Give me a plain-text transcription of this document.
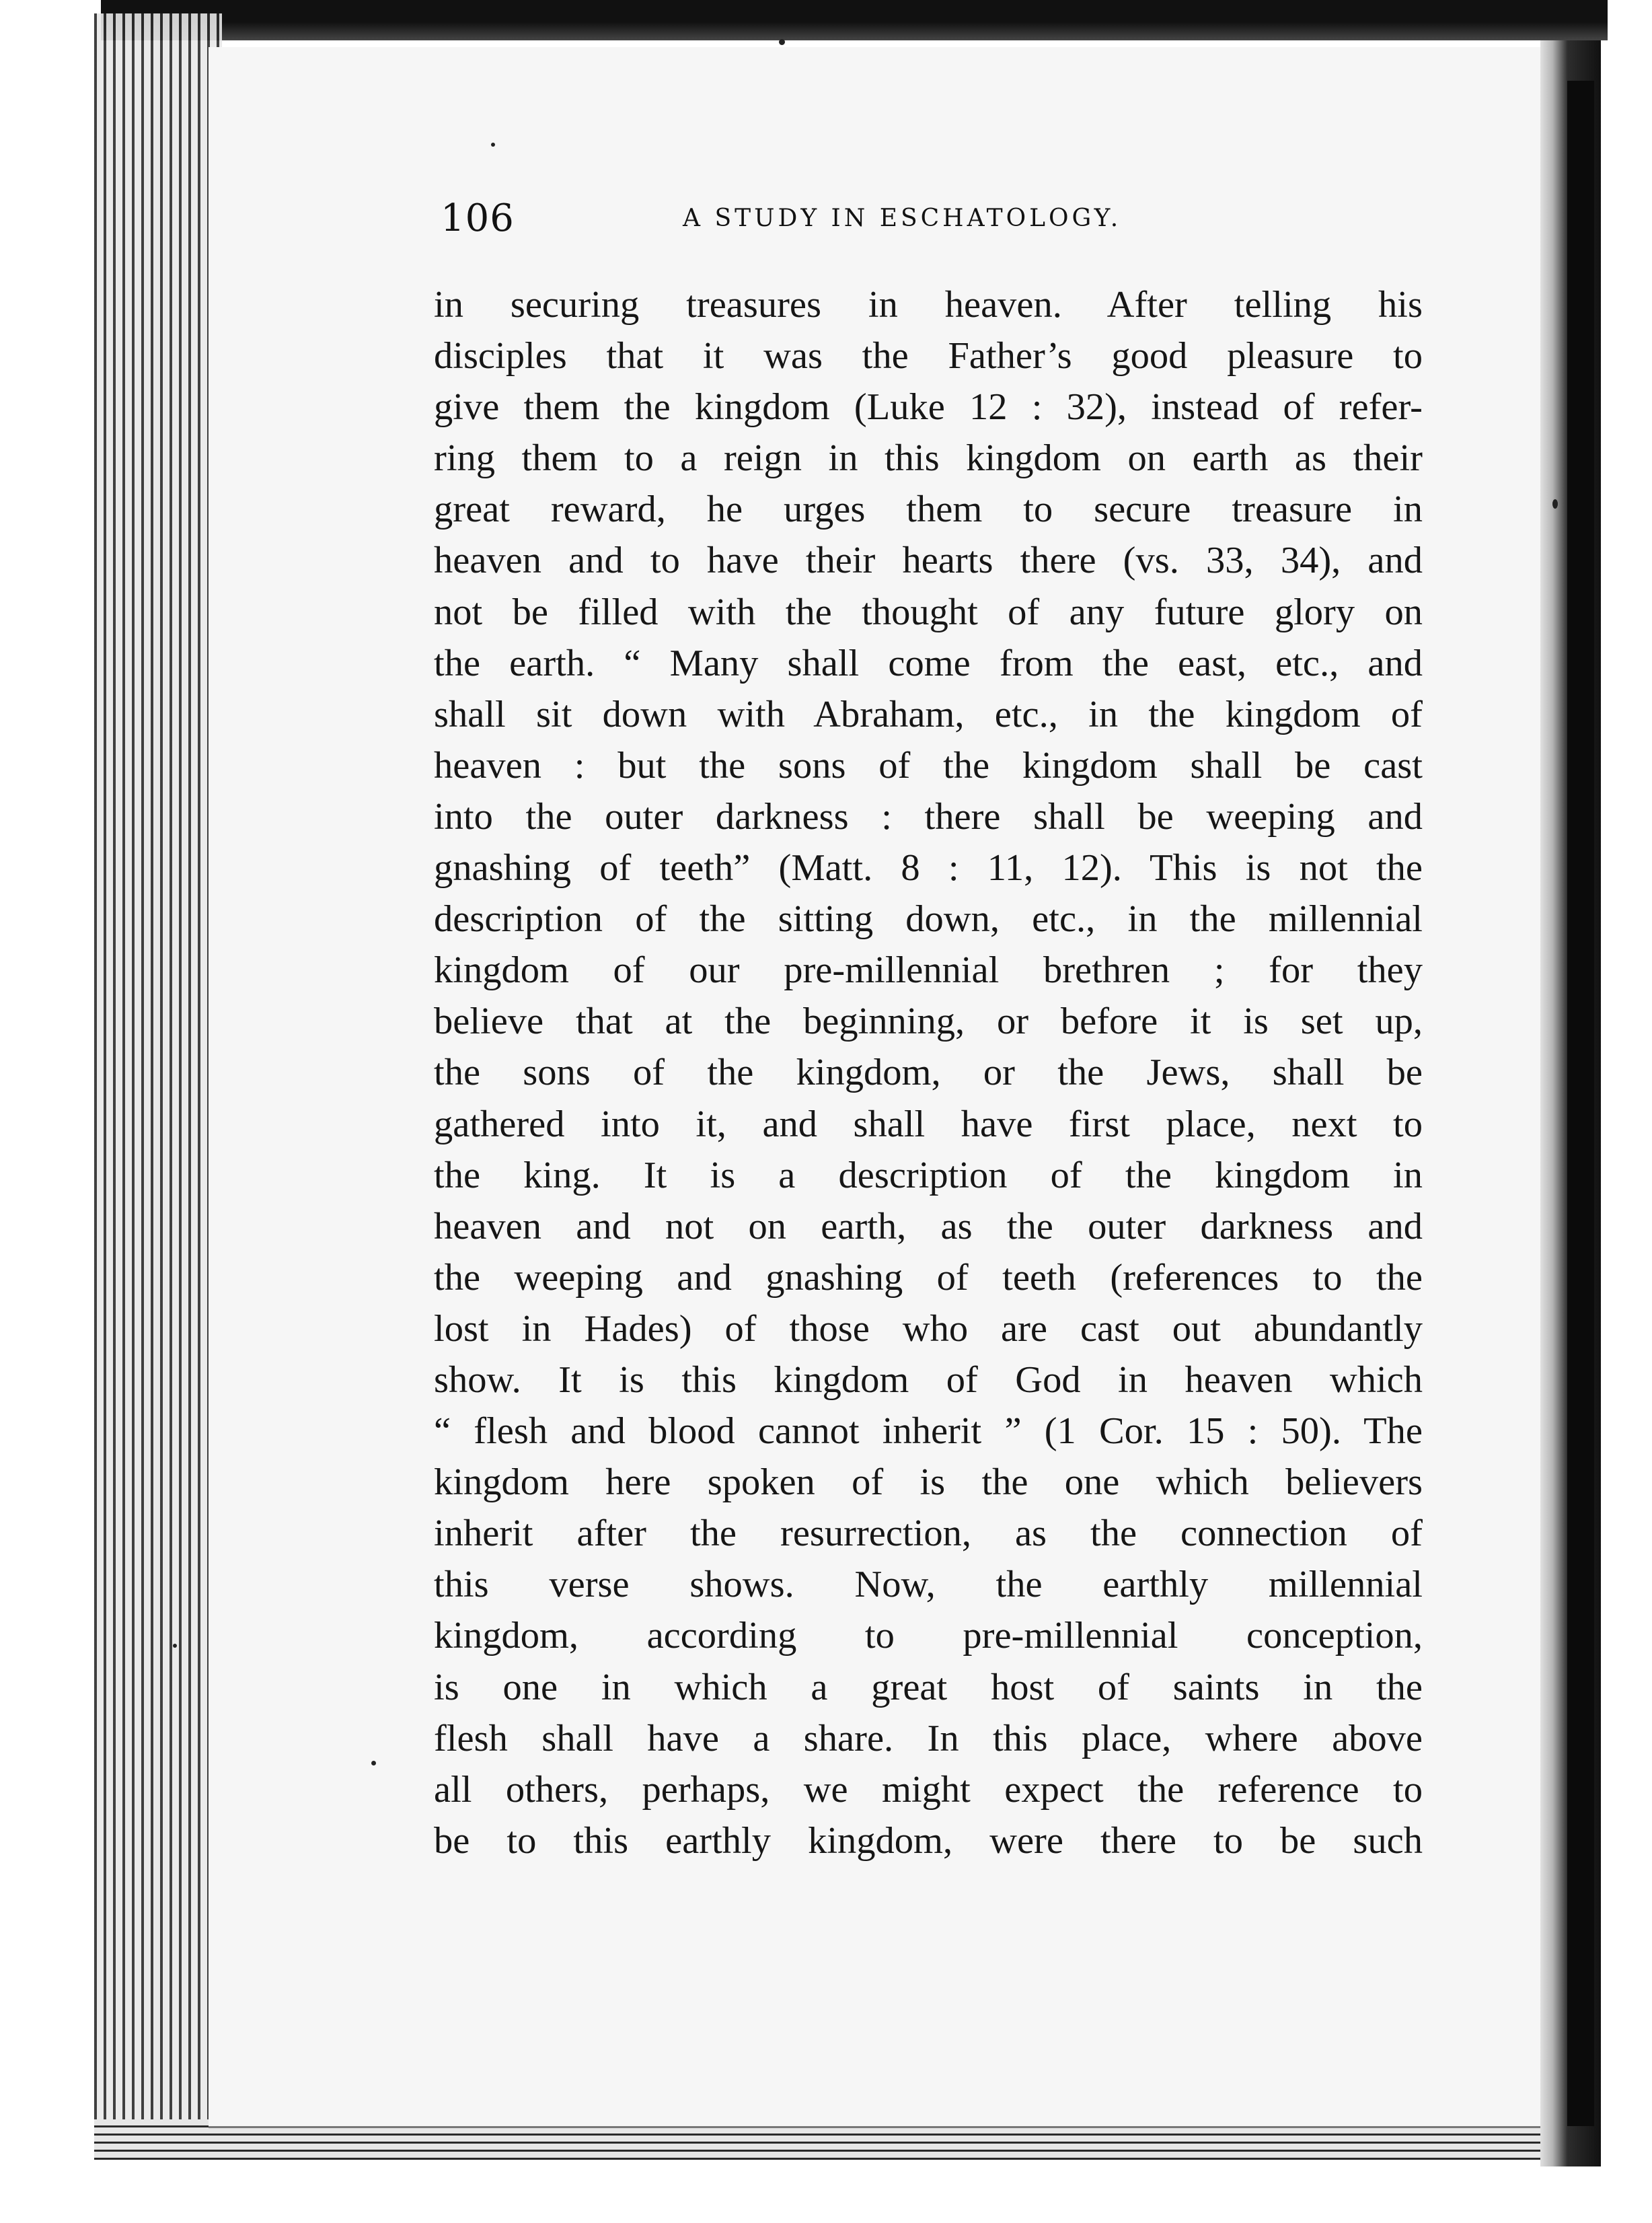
106	A STUDY IN ESCHATOLOGY.
in securing treasures in heaven. After telling his
disciples that it was the Father’s good pleasure to
give them the kingdom (Luke 12 : 32), instead of refer-
ring them to a reign in this kingdom on earth as their
great reward, he urges them to secure treasure in
heaven and to have their hearts there (vs. 33, 34), and
not be filled with the thought of any future glory on
the earth. “ Many shall come from the east, etc., and
shall sit down with Abraham, etc., in the kingdom of
heaven : but the sons of the kingdom shall be cast
into the outer darkness : there shall be weeping and
gnashing of teeth” (Matt. 8 : 11, 12). This is not the
description of the sitting down, etc., in the millennial
kingdom of our pre-millennial brethren ; for they
believe that at the beginning, or before it is set up,
the sons of the kingdom, or the Jews, shall be
gathered into it, and shall have first place, next to
the king. It is a description of the kingdom in
heaven and not on earth, as the outer darkness and
the weeping and gnashing of teeth (references to the
lost in Hades) of those who are cast out abundantly
show. It is this kingdom of God in heaven which
“ flesh and blood cannot inherit ” (1 Cor. 15 : 50). The
kingdom here spoken of is the one which believers
inherit after the resurrection, as the connection of
this verse shows. Now, the earthly millennial
kingdom, according to pre-millennial conception,
is one in which a great host of saints in the
flesh shall have a share. In this place, where above
all others, perhaps, we might expect the reference to
be to this earthly kingdom, were there to be such
